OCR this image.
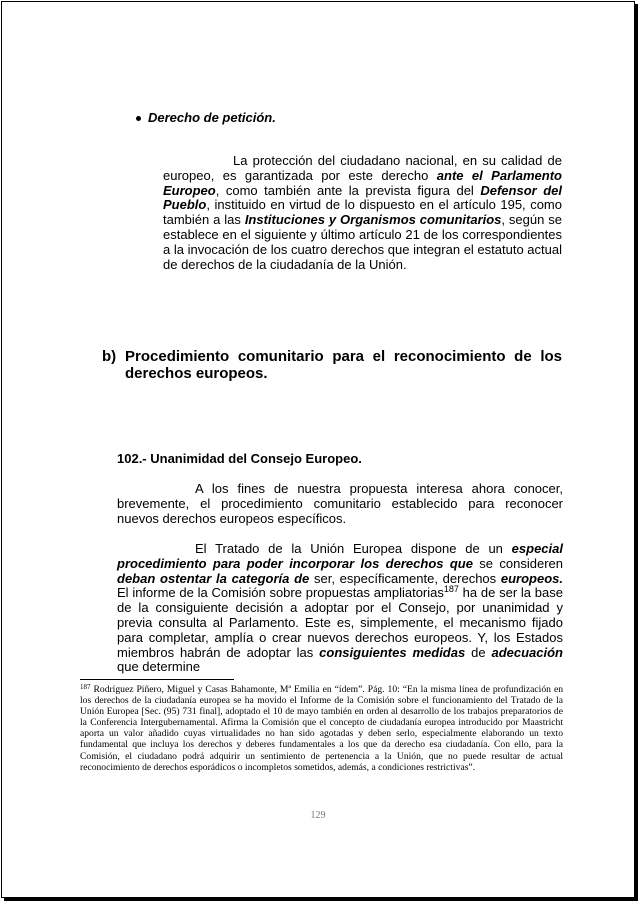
Derecho de petición.

La protección del ciudadano nacional, en su calidad de europeo, es garantizada por este derecho ante el Parlamento Europeo, como también ante la prevista figura del Defensor del Pueblo, instituido en virtud de lo dispuesto en el artículo 195, como también a las Instituciones y Organismos comunitarios, según se establece en el siguiente y último artículo 21 de los correspondientes a la invocación de los cuatro derechos que integran el estatuto actual de derechos de la ciudadanía de la Unión.

b) Procedimiento comunitario para el reconocimiento de los
derechos europeos.
102.- Unanimidad del Consejo Europeo.

A los fines de nuestra propuesta interesa ahora conocer, brevemente, el procedimiento comunitario establecido para reconocer nuevos derechos europeos específicos.

El Tratado de la Unión Europea dispone de un especial procedimiento para poder incorporar los derechos que se consideren deban ostentar la categoría de ser, específicamente, derechos europeos. El informe de la Comisión sobre propuestas ampliatorias$^{187}$ ha de ser la base de la consiguiente decisión a adoptar por el Consejo, por unanimidad y previa consulta al Parlamento. Este es, simplemente, el mecanismo fijado para completar, amplía o crear nuevos derechos europeos. Y, los Estados miembros habrán de adoptar las consiguientes medidas de adecuación que determine

$^{187}$ Rodríguez Piñero, Miguel y Casas Bahamonte, Mª Emilia en “ídem”. Pág. 10: “En la misma línea de profundización en los derechos de la ciudadanía europea se ha movido el Informe de la Comisión sobre el funcionamiento del Tratado de la Unión Europea [Sec. (95) 731 final], adoptado el 10 de mayo también en orden al desarrollo de los trabajos preparatorios de la Conferencia Intergubernamental. Afirma la Comisión que el concepto de ciudadanía europea introducido por Maastricht aporta un valor añadido cuyas virtualidades no han sido agotadas y deben serlo, especialmente elaborando un texto fundamental que incluya los derechos y deberes fundamentales a los que da derecho esa ciudadanía. Con ello, para la Comisión, el ciudadano podrá adquirir un sentimiento de pertenencia a la Unión, que no puede resultar de actual reconocimiento de derechos esporádicos o incompletos sometidos, además, a condiciones restrictivas”.

129
